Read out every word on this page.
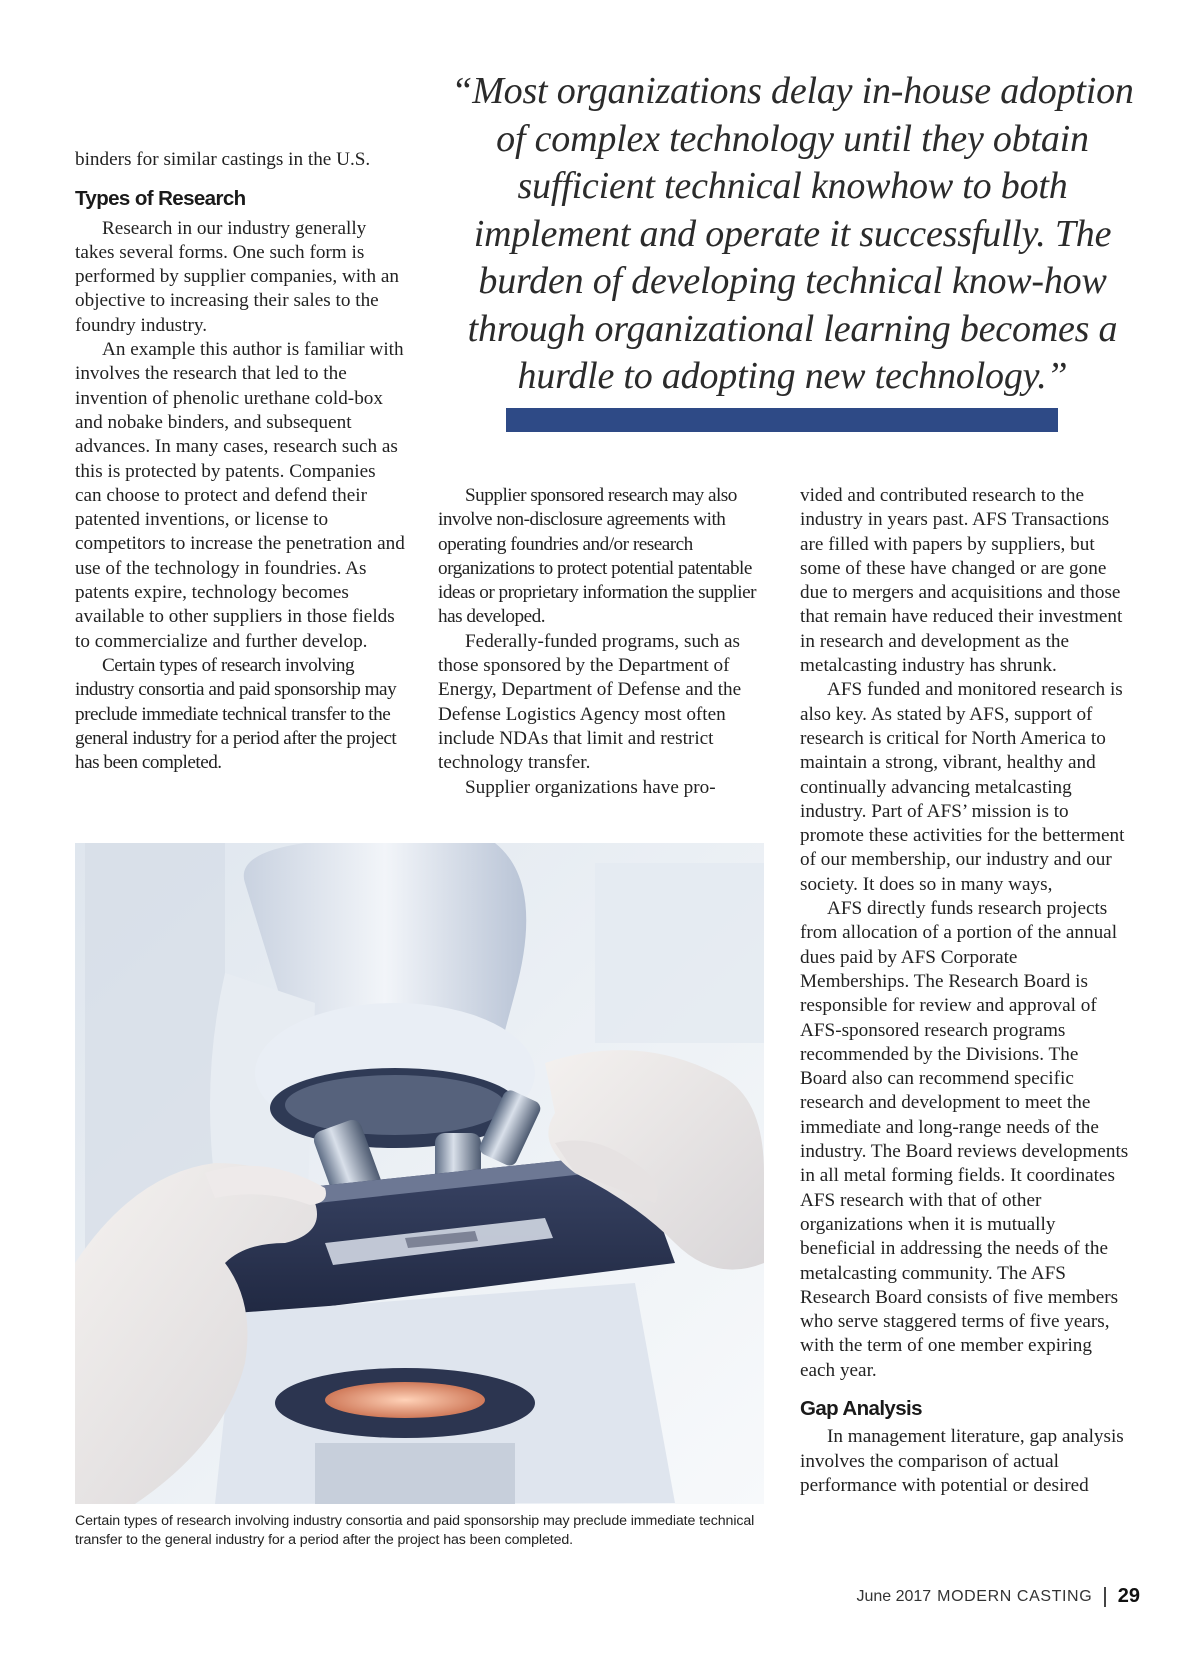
binders for similar castings in the U.S.

Types of Research

Research in our industry generally takes several forms. One such form is performed by supplier companies, with an objective to increasing their sales to the foundry industry.

An example this author is familiar with involves the research that led to the invention of phenolic urethane cold-box and nobake binders, and subsequent advances. In many cases, research such as this is protected by patents. Companies can choose to protect and defend their patented inventions, or license to competitors to increase the penetration and use of the technology in foundries. As patents expire, technology becomes available to other suppliers in those fields to commercialize and further develop.

Certain types of research involving industry consortia and paid sponsorship may preclude immediate technical transfer to the general industry for a period after the project has been completed.

“Most organizations delay in-house adoption of complex technology until they obtain sufficient technical knowhow to both implement and operate it successfully. The burden of developing technical know-how through organizational learning becomes a hurdle to adopting new technology.”

Supplier sponsored research may also involve non-disclosure agreements with operating foundries and/or research organizations to protect potential patentable ideas or proprietary information the supplier has developed.

Federally-funded programs, such as those sponsored by the Department of Energy, Department of Defense and the Defense Logistics Agency most often include NDAs that limit and restrict technology transfer.

Supplier organizations have pro-

vided and contributed research to the industry in years past. AFS Transactions are filled with papers by suppliers, but some of these have changed or are gone due to mergers and acquisitions and those that remain have reduced their investment in research and development as the metalcasting industry has shrunk.

AFS funded and monitored research is also key. As stated by AFS, support of research is critical for North America to maintain a strong, vibrant, healthy and continually advancing metalcasting industry. Part of AFS’ mission is to promote these activities for the betterment of our membership, our industry and our society. It does so in many ways,

AFS directly funds research projects from allocation of a portion of the annual dues paid by AFS Corporate Memberships. The Research Board is responsible for review and approval of AFS-sponsored research programs recommended by the Divisions. The Board also can recommend specific research and development to meet the immediate and long-range needs of the industry. The Board reviews developments in all metal forming fields. It coordinates AFS research with that of other organizations when it is mutually beneficial in addressing the needs of the metalcasting community. The AFS Research Board consists of five members who serve staggered terms of five years, with the term of one member expiring each year.

Gap Analysis

In management literature, gap analysis involves the comparison of actual performance with potential or desired

Certain types of research involving industry consortia and paid sponsorship may preclude immediate technical transfer to the general industry for a period after the project has been completed.
June 2017 MODERN CASTING 29
